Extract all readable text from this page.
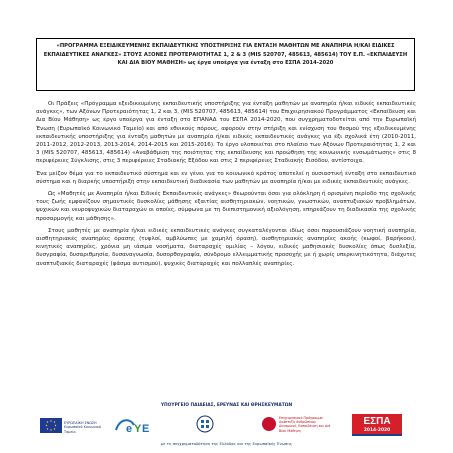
«ΠΡΟΓΡΑΜΜΑ ΕΞΕΙΔΙΚΕΥΜΕΝΗΣ ΕΚΠΑΙΔΕΥΤΙΚΗΣ ΥΠΟΣΤΗΡΙΞΗΣ ΓΙΑ ΕΝΤΑΞΗ ΜΑΘΗΤΩΝ ΜΕ ΑΝΑΠΗΡΙΑ Η/ΚΑΙ ΕΙΔΙΚΕΣ ΕΚΠΑΙΔΕΥΤΙΚΕΣ ΑΝΑΓΚΕΣ» ΣΤΟΥΣ ΑΞΟΝΕΣ ΠΡΟΤΕΡΑΙΟΤΗΤΑΣ 1, 2 & 3 (MIS 520707, 485613, 485614) ΤΟΥ Ε.Π. «ΕΚΠΑΙΔΕΥΣΗ ΚΑΙ ΔΙΑ ΒΙΟΥ ΜΑΘΗΣΗ» ως έργα υποέργα για ένταξη στο ΕΣΠΑ 2014-2020

Οι Πράξεις «Πρόγραμμα εξειδικευμένης εκπαιδευτικής υποστήριξης για ένταξη μαθητών με αναπηρία ή/και ειδικές εκπαιδευτικές ανάγκες», των Αξόνων Προτεραιότητας 1, 2 και 3, (MIS 520707, 485613, 485614) του Επιχειρησιακού Προγράμματος «Εκπαίδευση και Δια Βίου Μάθηση» ως έργο υποέργα για ένταξη στο ΕΠΑΝΑΔ του ΕΣΠΑ 2014-2020, που συγχρηματοδοτείται από την Ευρωπαϊκή Ένωση (Ευρωπαϊκό Κοινωνικό Ταμείο) και από εθνικούς πόρους, αφορούν στην στήριξη και ενίσχυση του θεσμού της εξειδικευμένης εκπαιδευτικής υποστήριξης για ένταξη μαθητών με αναπηρία ή/και ειδικές εκπαιδευτικές ανάγκες για έξι σχολικά έτη (2010-2011, 2011-2012, 2012-2013, 2013-2014, 2014-2015 και 2015-2016). Το έργο υλοποιείται στο πλαίσιο των Αξόνων Προτεραιότητας 1, 2 και 3 (MIS 520707, 485613, 485614) «Αναβάθμιση της ποιότητας της εκπαίδευσης και προώθηση της κοινωνικής ενσωμάτωσης» στις 8 περιφέρειες Σύγκλισης, στις 3 περιφέρειες Σταδιακής Εξόδου και στις 2 περιφέρειες Σταδιακής Εισόδου, αντίστοιχα.

Ένα μείζον θέμα για το εκπαιδευτικό σύστημα και εν γένει για το κοινωνικό κράτος αποτελεί η ουσιαστική ένταξη στο εκπαιδευτικό σύστημα και η διαρκής υποστήριξη στην εκπαιδευτική διαδικασία των μαθητών με αναπηρία ή/και με ειδικές εκπαιδευτικές ανάγκες.

Ως «Μαθητές με Αναπηρία ή/και Ειδικές Εκπαιδευτικές ανάγκες» θεωρούνται όσοι για ολόκληρη ή ορισμένη περίοδο της σχολικής τους ζωής εμφανίζουν σημαντικές δυσκολίες μάθησης εξαιτίας αισθητηριακών, νοητικών, γνωστικών, αναπτυξιακών προβλημάτων, ψυχικών και νευροψυχικών διαταραχών οι οποίες, σύμφωνα με τη διεπιστημονική αξιολόγηση, επηρεάζουν τη διαδικασία της σχολικής προσαρμογής και μάθησης».

Στους μαθητές με αναπηρία ή/και ειδικές εκπαιδευτικές ανάγκες συγκαταλέγονται ιδίως όσοι παρουσιάζουν νοητική αναπηρία, αισθητηριακές αναπηρίες όρασης (τυφλοί, αμβλύωπες με χαμηλή όραση), αισθητηριακές αναπηρίες ακοής (κωφοί, βαρήκοοι), κινητικές αναπηρίες, χρόνια μη ιάσιμα νοσήματα, διαταραχές ομιλίας – λόγου, ειδικές μαθησιακές δυσκολίες όπως δυσλεξία, δυσγραφία, δυσαριθμησία, δυσαναγνωσία, δυσορθογραφία, σύνδρομο ελλειμματικής προσοχής με ή χωρίς υπερκινητικότητα, διάχυτες αναπτυξιακές διαταραχές (φάσμα αυτισμού), ψυχικές διαταραχές και πολλαπλές αναπηρίες.

ΥΠΟΥΡΓΕΙΟ ΠΑΙΔΕΙΑΣ, ΕΡΕΥΝΑΣ ΚΑΙ ΘΡΗΣΚΕΥΜΑΤΩΝ
ΕΥΡΩΠΑΪΚΗ ΕΝΩΣΗ Ευρωπαϊκό Κοινωνικό Ταμείο	e Y E
Επιχειρησιακό Πρόγραμμα Ανάπτυξη Ανθρώπινου Δυναμικού, Εκπαίδευση και Διά Βίου Μάθηση
ΕΣΠΑ
2014-2020
με τη συγχρηματοδότηση της Ελλάδας και της Ευρωπαϊκής Ένωσης
